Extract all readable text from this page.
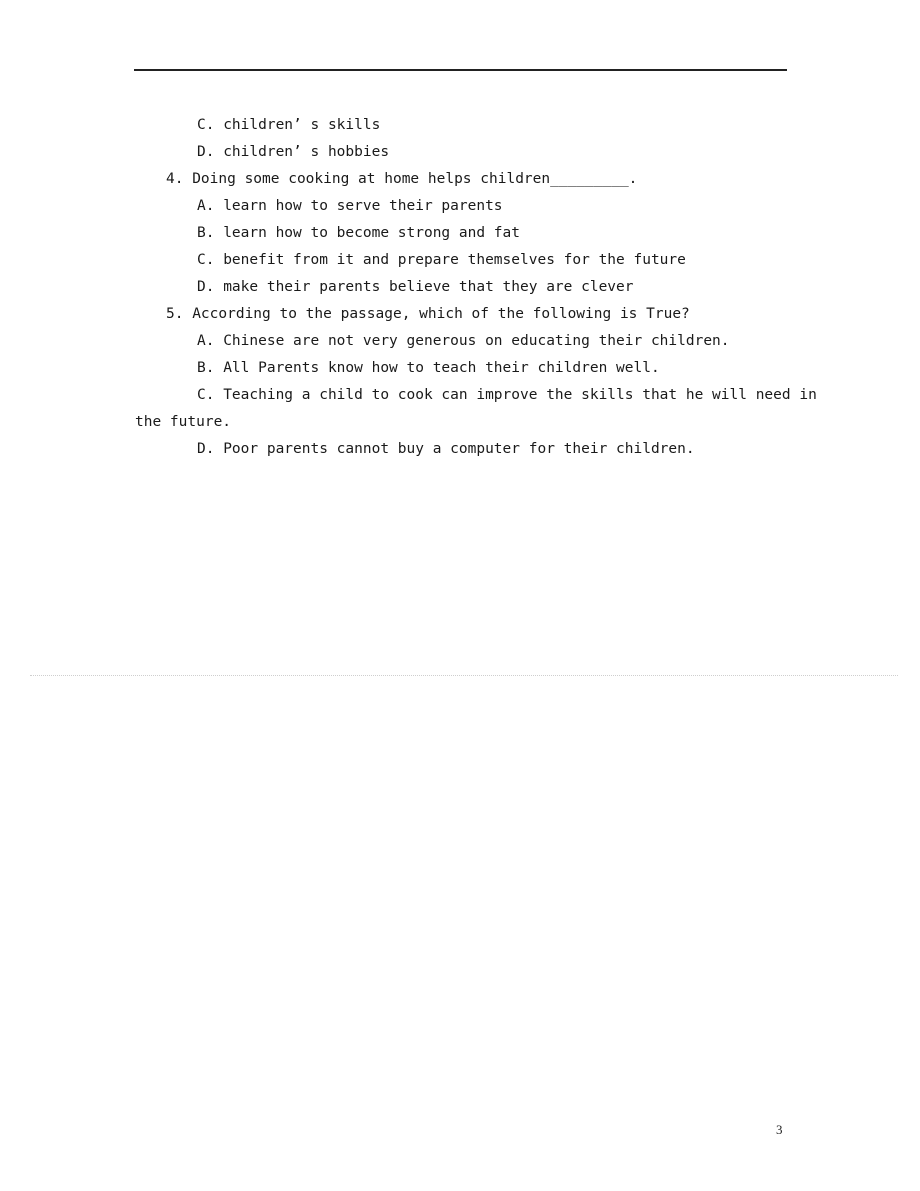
C. children’ s skills
D. children’ s hobbies
4. Doing some cooking at home helps children_________.
A. learn how to serve their parents
B. learn how to become strong and fat
C. benefit from it and prepare themselves for the future
D. make their parents believe that they are clever
5. According to the passage, which of the following is True?
A. Chinese are not very generous on educating their children.
B. All Parents know how to teach their children well.
C. Teaching a child to cook can improve the skills that he will need in
the future.
D. Poor parents cannot buy a computer for their children.
3
